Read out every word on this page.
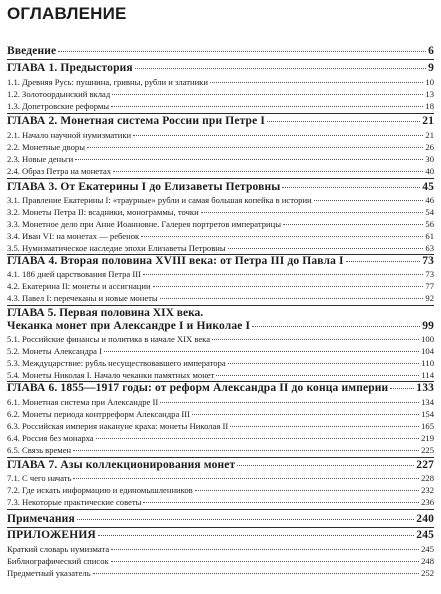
ОГЛАВЛЕНИЕ
Введение	6
ГЛАВА 1. Предыстория	9
1.1. Древняя Русь: пушнина, гривны, рубли и златники	10
1.2. Золотоордынский вклад	13
1.3. Допетровские реформы	18
ГЛАВА 2. Монетная система России при Петре I	21
2.1. Начало научной нумизматики	21
2.2. Монетные дворы	26
2.3. Новые деньги	30
2.4. Образ Петра на монетах	40
ГЛАВА 3. От Екатерины I до Елизаветы Петровны	45
3.1. Правление Екатерины I: «траурные» рубли и самая большая копейка в истории	46
3.2. Монеты Петра II: всадники, монограммы, точки	54
3.3. Монетное дело при Анне Иоанновне. Галерея портретов императрицы	56
3.4. Иван VI: на монетах — ребенок	61
3.5. Нумизматическое наследие эпохи Елизаветы Петровны	63
ГЛАВА 4. Вторая половина XVIII века: от Петра III до Павла I	73
4.1. 186 дней царствования Петра III	73
4.2. Екатерина II: монеты и ассигнации	77
4.3. Павел I: перечеканы и новые монеты	92
ГЛАВА 5. Первая половина XIX века.
Чеканка монет при Александре I и Николае I	99
5.1. Российские финансы и политика в начале XIX века	100
5.2. Монеты Александра I	104
5.3. Междуцарствие: рубль несуществовавшего императора	110
5.4. Монеты Николая I. Начало чеканки памятных монет	114
ГЛАВА 6. 1855—1917 годы: от реформ Александра II до конца империи 133
6.1. Монетная система при Александре II	134
6.2. Монеты периода контрреформ Александра III	154
6.3. Российская империя накануне краха: монеты Николая II	165
6.4. Россия без монарха	219
6.5. Связь времен	225
ГЛАВА 7. Азы коллекционирования монет	227
7.1. С чего начать	228
7.2. Где искать информацию и единомышленников	232
7.3. Некоторые практические советы	236
Примечания	240
ПРИЛОЖЕНИЯ	245
Краткий словарь нумизмата	245
Библиографический список	248
Предметный указатель	252
